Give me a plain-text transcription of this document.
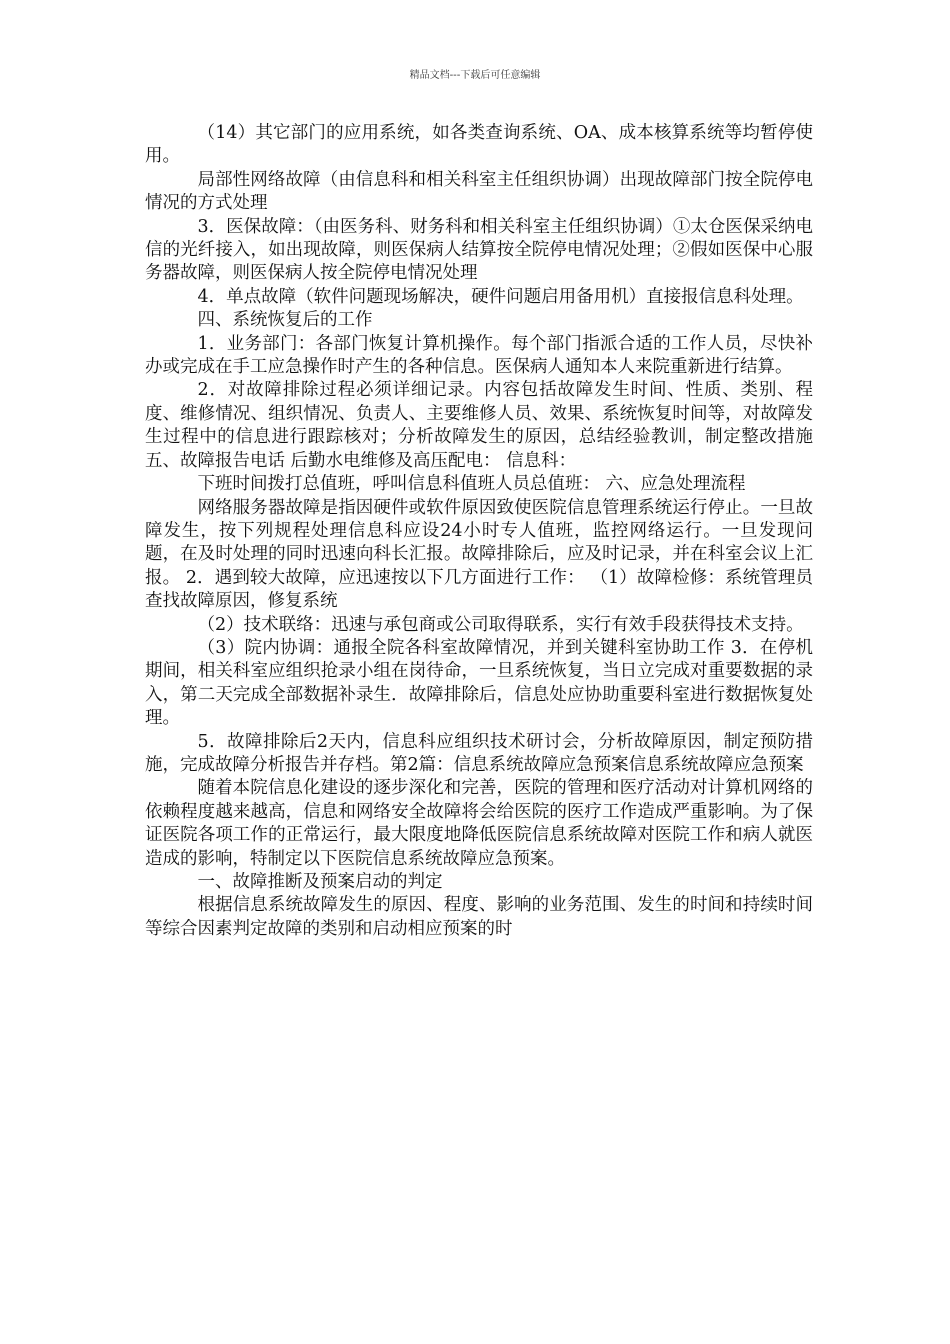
精品文档---下载后可任意编辑

（14）其它部门的应用系统，如各类查询系统、OA、成本核算系统等均暂停使用。

局部性网络故障（由信息科和相关科室主任组织协调）出现故障部门按全院停电情况的方式处理

3．医保故障：（由医务科、财务科和相关科室主任组织协调）①太仓医保采纳电信的光纤接入，如出现故障，则医保病人结算按全院停电情况处理；②假如医保中心服务器故障，则医保病人按全院停电情况处理

4．单点故障（软件问题现场解决，硬件问题启用备用机）直接报信息科处理。

四、系统恢复后的工作

1．业务部门：各部门恢复计算机操作。每个部门指派合适的工作人员，尽快补办或完成在手工应急操作时产生的各种信息。医保病人通知本人来院重新进行结算。

2．对故障排除过程必须详细记录。内容包括故障发生时间、性质、类别、程度、维修情况、组织情况、负责人、主要维修人员、效果、系统恢复时间等，对故障发生过程中的信息进行跟踪核对；分析故障发生的原因，总结经验教训，制定整改措施 五、故障报告电话 后勤水电维修及高压配电： 信息科：

下班时间拨打总值班，呼叫信息科值班人员总值班： 六、应急处理流程

网络服务器故障是指因硬件或软件原因致使医院信息管理系统运行停止。一旦故障发生，按下列规程处理信息科应设24小时专人值班，监控网络运行。一旦发现问题，在及时处理的同时迅速向科长汇报。故障排除后，应及时记录，并在科室会议上汇报。 2．遇到较大故障，应迅速按以下几方面进行工作： （1）故障检修：系统管理员查找故障原因，修复系统

（2）技术联络：迅速与承包商或公司取得联系，实行有效手段获得技术支持。

（3）院内协调：通报全院各科室故障情况，并到关键科室协助工作 3．在停机期间，相关科室应组织抢录小组在岗待命，一旦系统恢复，当日立完成对重要数据的录入，第二天完成全部数据补录生．故障排除后，信息处应协助重要科室进行数据恢复处理。

5．故障排除后2天内，信息科应组织技术研讨会，分析故障原因，制定预防措施，完成故障分析报告并存档。第2篇：信息系统故障应急预案信息系统故障应急预案

随着本院信息化建设的逐步深化和完善，医院的管理和医疗活动对计算机网络的依赖程度越来越高，信息和网络安全故障将会给医院的医疗工作造成严重影响。为了保证医院各项工作的正常运行，最大限度地降低医院信息系统故障对医院工作和病人就医造成的影响，特制定以下医院信息系统故障应急预案。

一、故障推断及预案启动的判定

根据信息系统故障发生的原因、程度、影响的业务范围、发生的时间和持续时间等综合因素判定故障的类别和启动相应预案的时
